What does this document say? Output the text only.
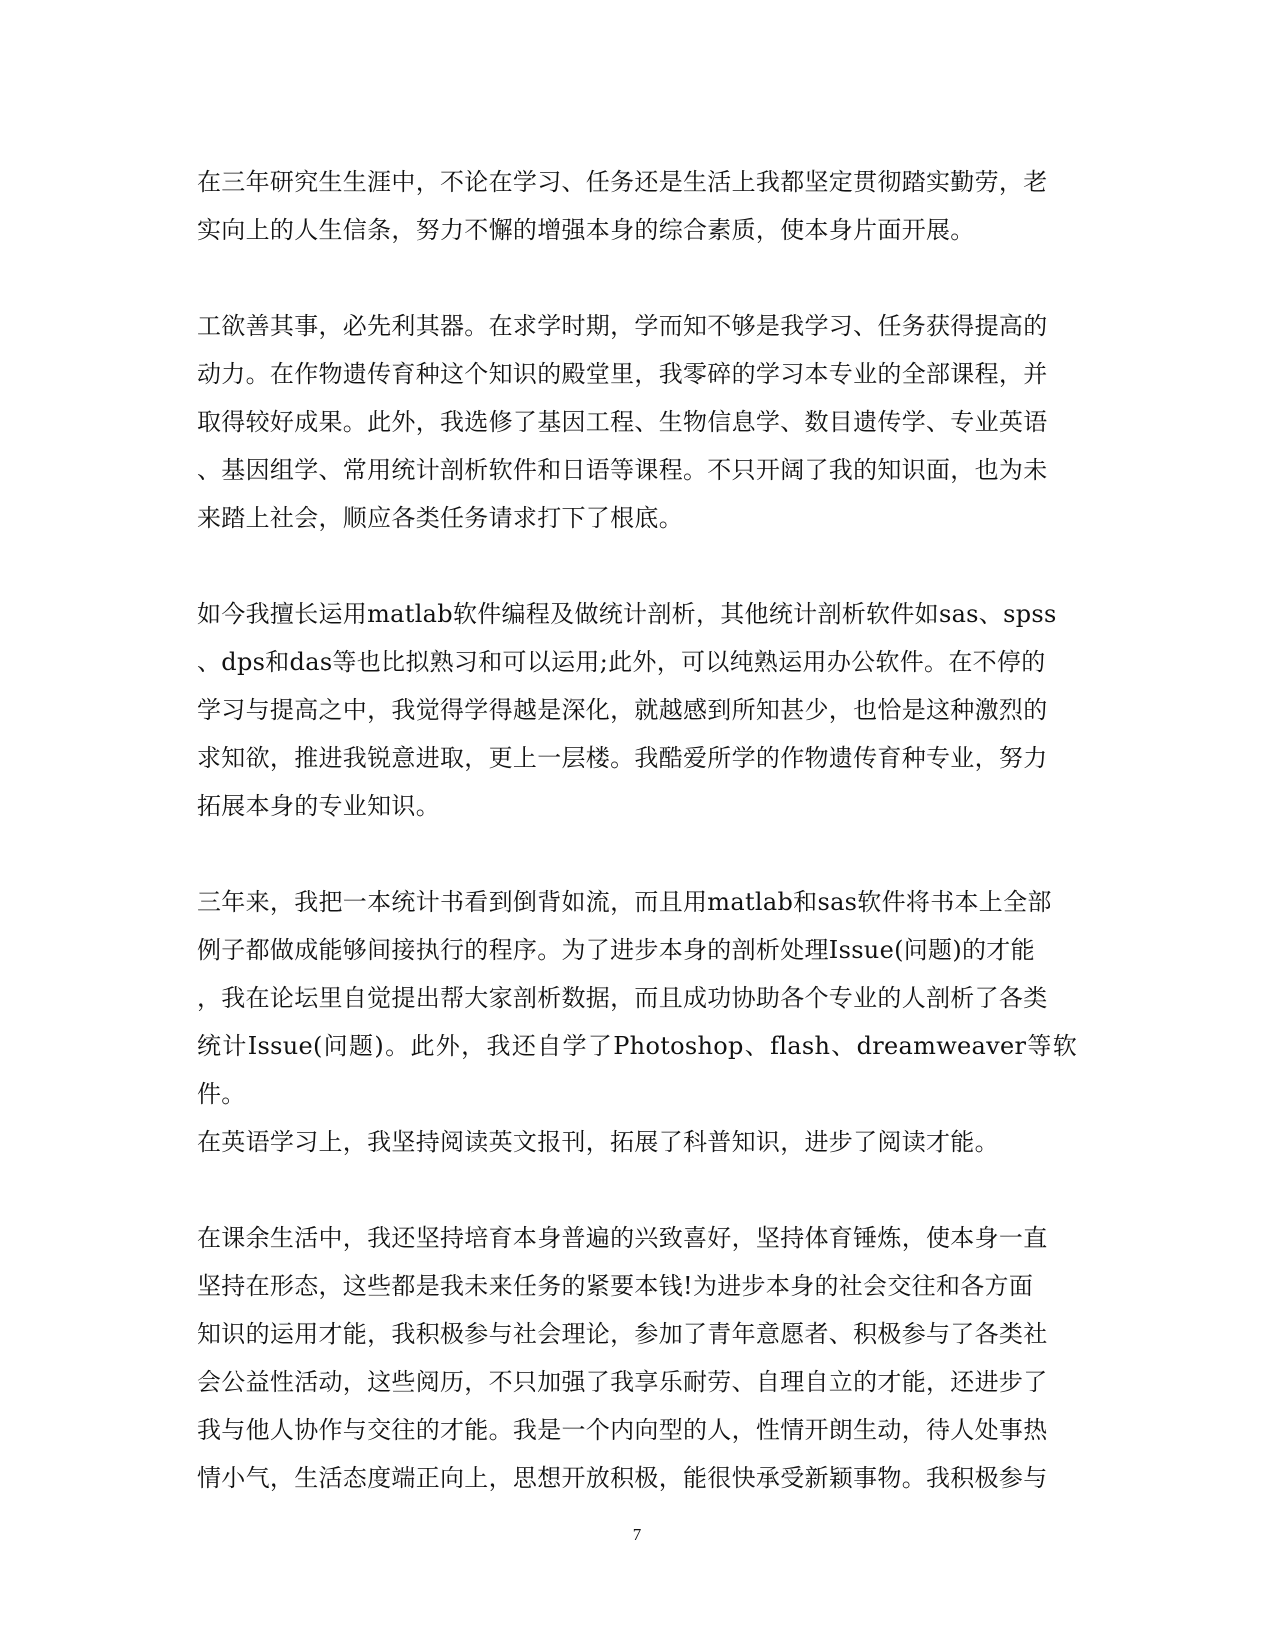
在三年研究生生涯中，不论在学习、任务还是生活上我都坚定贯彻踏实勤劳，老
实向上的人生信条，努力不懈的增强本身的综合素质，使本身片面开展。

工欲善其事，必先利其器。在求学时期，学而知不够是我学习、任务获得提高的
动力。在作物遗传育种这个知识的殿堂里，我零碎的学习本专业的全部课程，并
取得较好成果。此外，我选修了基因工程、生物信息学、数目遗传学、专业英语
、基因组学、常用统计剖析软件和日语等课程。不只开阔了我的知识面，也为未
来踏上社会，顺应各类任务请求打下了根底。

如今我擅长运用matlab软件编程及做统计剖析，其他统计剖析软件如sas、spss
、dps和das等也比拟熟习和可以运用;此外，可以纯熟运用办公软件。在不停的
学习与提高之中，我觉得学得越是深化，就越感到所知甚少，也恰是这种激烈的
求知欲，推进我锐意进取，更上一层楼。我酷爱所学的作物遗传育种专业，努力
拓展本身的专业知识。

三年来，我把一本统计书看到倒背如流，而且用matlab和sas软件将书本上全部
例子都做成能够间接执行的程序。为了进步本身的剖析处理Issue(问题)的才能
，我在论坛里自觉提出帮大家剖析数据，而且成功协助各个专业的人剖析了各类
统计Issue(问题)。此外，我还自学了Photoshop、flash、dreamweaver等软件。
在英语学习上，我坚持阅读英文报刊，拓展了科普知识，进步了阅读才能。

在课余生活中，我还坚持培育本身普遍的兴致喜好，坚持体育锤炼，使本身一直
坚持在形态，这些都是我未来任务的紧要本钱!为进步本身的社会交往和各方面
知识的运用才能，我积极参与社会理论，参加了青年意愿者、积极参与了各类社
会公益性活动，这些阅历，不只加强了我享乐耐劳、自理自立的才能，还进步了
我与他人协作与交往的才能。我是一个内向型的人，性情开朗生动，待人处事热
情小气，生活态度端正向上，思想开放积极，能很快承受新颖事物。我积极参与

7
